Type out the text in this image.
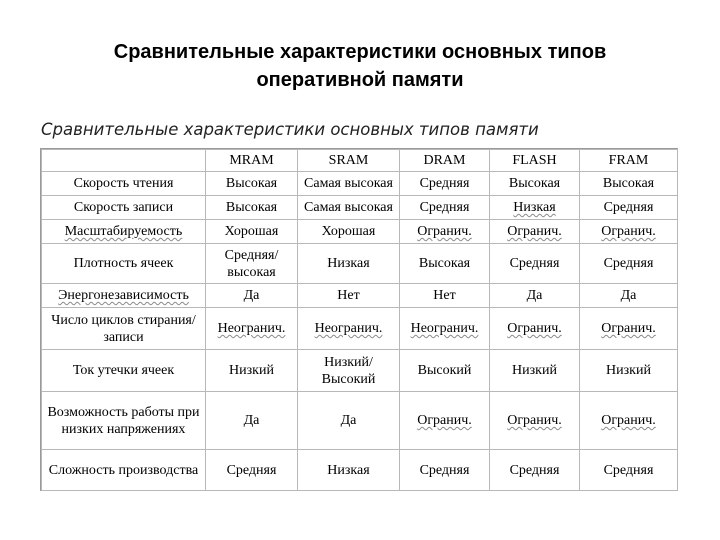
Сравнительные характеристики основных типов
оперативной памяти
Сравнительные характеристики основных типов памяти
	MRAM	SRAM	DRAM	FLASH	FRAM
Скорость чтения	Высокая	Самая высокая	Средняя	Высокая	Высокая
Скорость записи	Высокая	Самая высокая	Средняя	Низкая	Средняя
Масштабируемость	Хорошая	Хорошая	Огранич.	Огранич.	Огранич.
Плотность ячеек	Средняя/ высокая	Низкая	Высокая	Средняя	Средняя
Энергонезависимость	Да	Нет	Нет	Да	Да
Число циклов стирания/записи	Неогранич.	Неогранич.	Неогранич.	Огранич.	Огранич.
Ток утечки ячеек	Низкий	Низкий/ Высокий	Высокий	Низкий	Низкий
Возможность работы при низких напряжениях	Да	Да	Огранич.	Огранич.	Огранич.
Сложность производства	Средняя	Низкая	Средняя	Средняя	Средняя
